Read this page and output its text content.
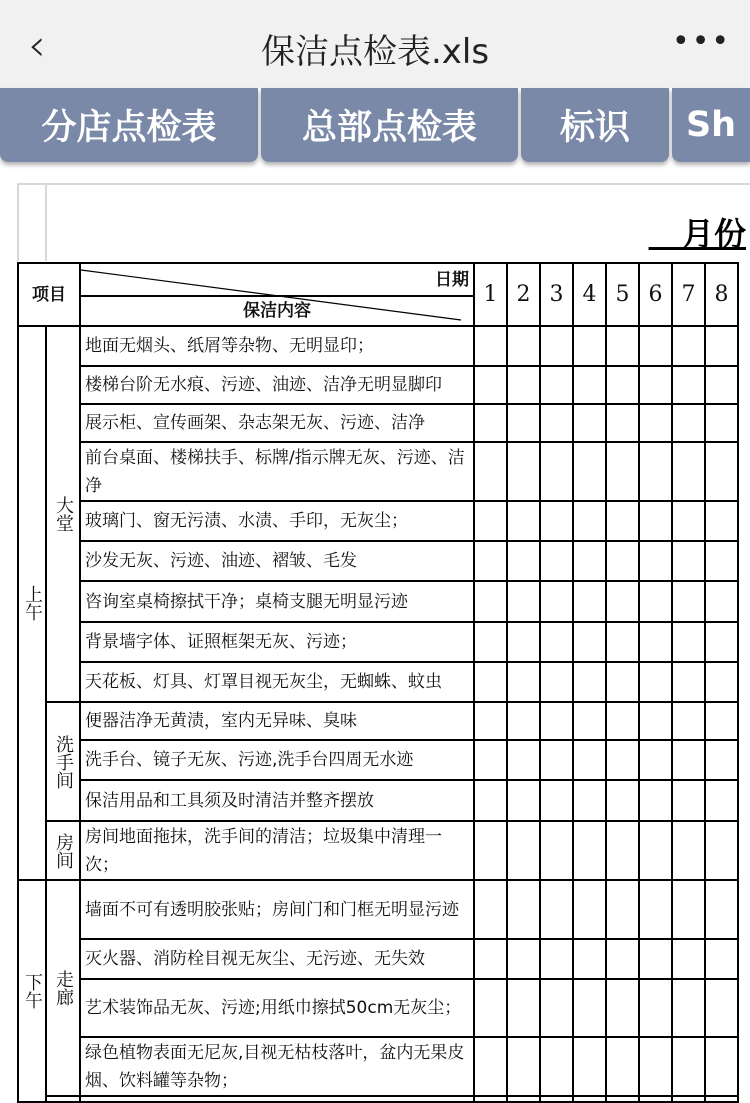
‹	保洁点检表.xls	•••
分店点检表	总部点检表	标识	Sh
月份
项目		日期
保洁内容	1	2	3	4	5	6	7	8
上午	大堂	地面无烟头、纸屑等杂物、无明显印；								
		楼梯台阶无水痕、污迹、油迹、洁净无明显脚印								
		展示柜、宣传画架、杂志架无灰、污迹、洁净								
		前台桌面、楼梯扶手、标牌/指示牌无灰、污迹、洁净								
		玻璃门、窗无污渍、水渍、手印，无灰尘；								
		沙发无灰、污迹、油迹、褶皱、毛发								
		咨询室桌椅擦拭干净；桌椅支腿无明显污迹								
		背景墙字体、证照框架无灰、污迹；								
		天花板、灯具、灯罩目视无灰尘，无蜘蛛、蚊虫								
	洗手间	便器洁净无黄渍，室内无异味、臭味								
		洗手台、镜子无灰、污迹,洗手台四周无水迹								
		保洁用品和工具须及时清洁并整齐摆放								
	房间	房间地面拖抹，洗手间的清洁；垃圾集中清理一次；								
下午	走廊	墙面不可有透明胶张贴；房间门和门框无明显污迹								
		灭火器、消防栓目视无灰尘、无污迹、无失效								
		艺术装饰品无灰、污迹;用纸巾擦拭50cm无灰尘；								
		绿色植物表面无尼灰,目视无枯枝落叶，盆内无果皮烟、饮料罐等杂物；								
